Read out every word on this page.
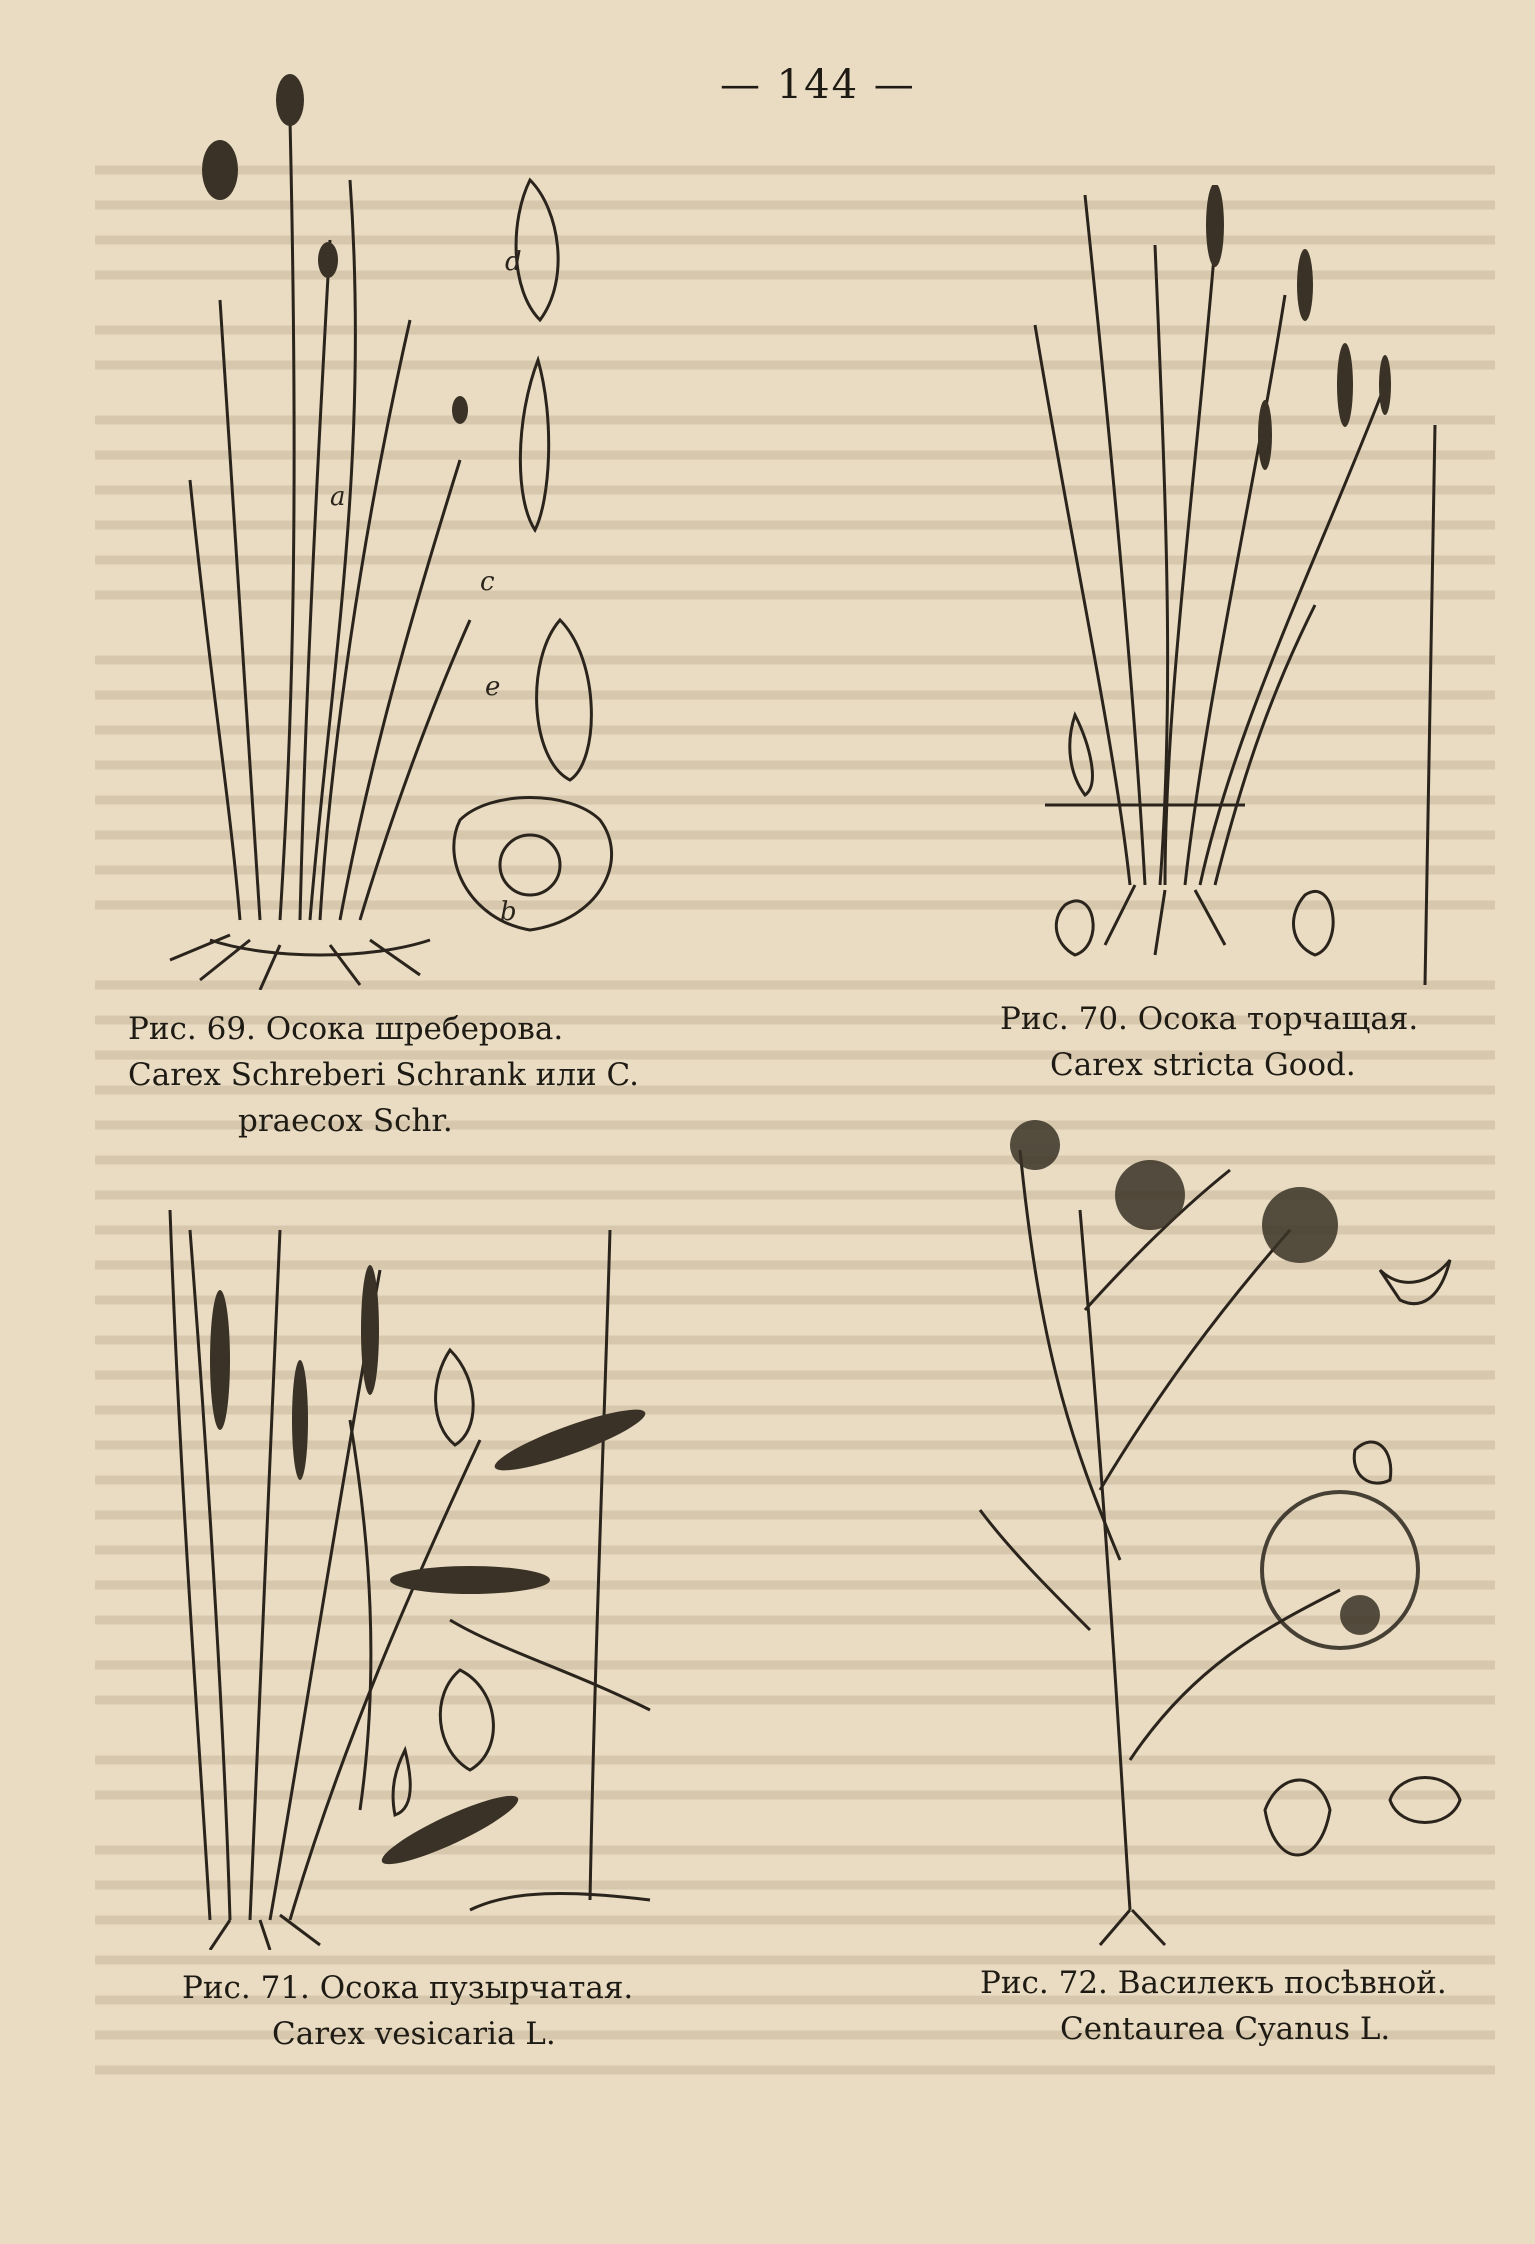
— 144 —
d
a
c
e
b
Рис. 69. Осока шреберова.
Carex Schreberi Schrank или C.
praecox Schr.
Рис. 70. Осока торчащая.
Carex stricta Good.
Рис. 71. Осока пузырчатая.
Carex vesicaria L.
Рис. 72. Василекъ посѣвной.
Centaurea Cyanus L.
